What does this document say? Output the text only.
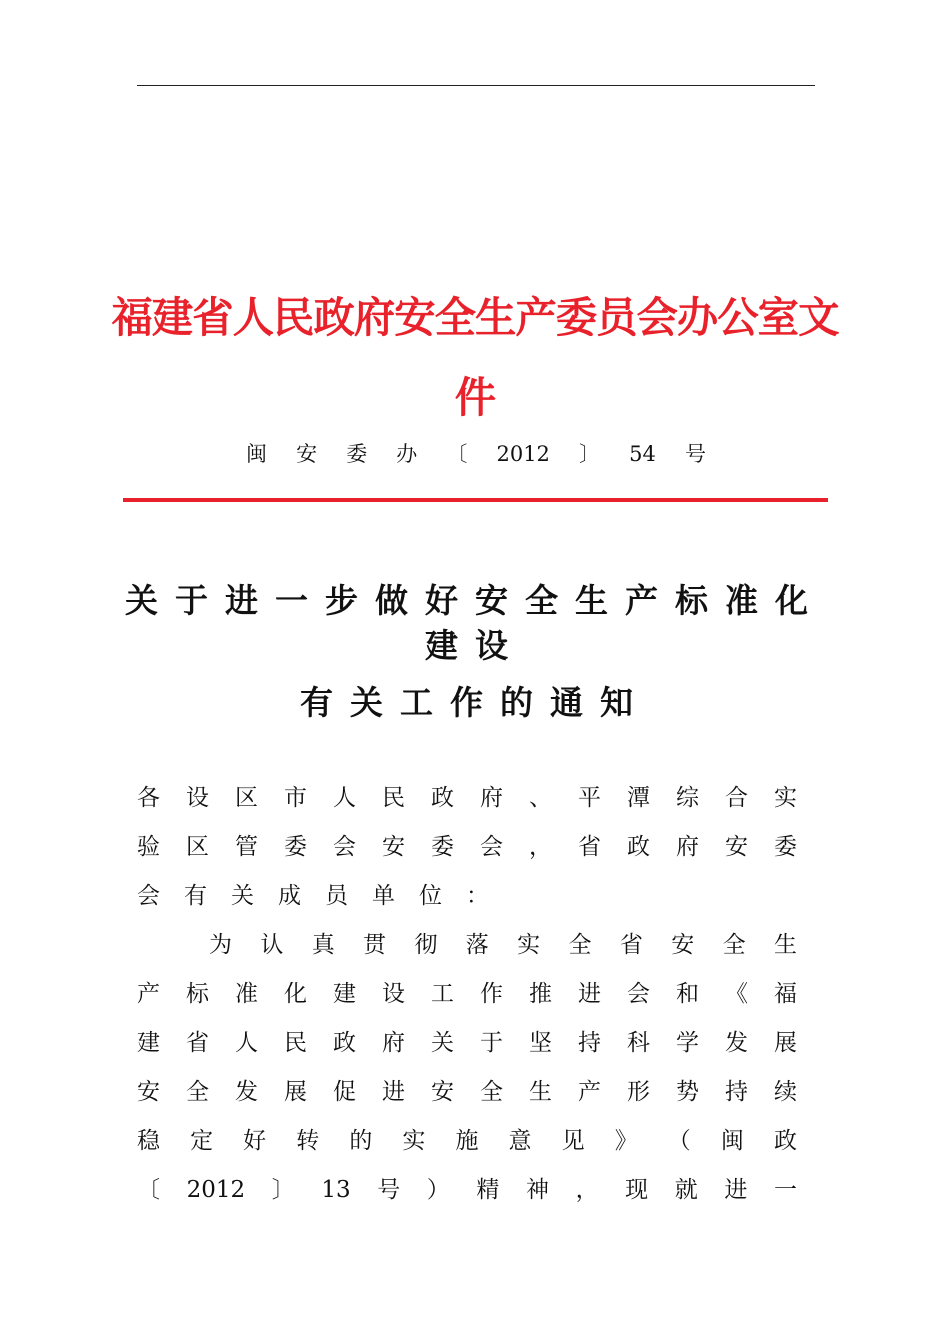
福建省人民政府安全生产委员会办公室文件
闽 安 委 办 〔 2012 〕 54 号
关于进一步做好安全生产标准化
建设
有关工作的通知
各 设 区 市 人 民 政 府 、 平 潭 综 合 实
验 区 管 委 会 安 委 会 ， 省 政 府 安 委
会 有 关 成 员 单 位 ：
为 认 真 贯 彻 落 实 全 省 安 全 生
产 标 准 化 建 设 工 作 推 进 会 和 《 福
建 省 人 民 政 府 关 于 坚 持 科 学 发 展
安 全 发 展 促 进 安 全 生 产 形 势 持 续
稳 定 好 转 的 实 施 意 见 》 （ 闽 政
〔 2012 〕 13 号 ） 精 神 ， 现 就 进 一
